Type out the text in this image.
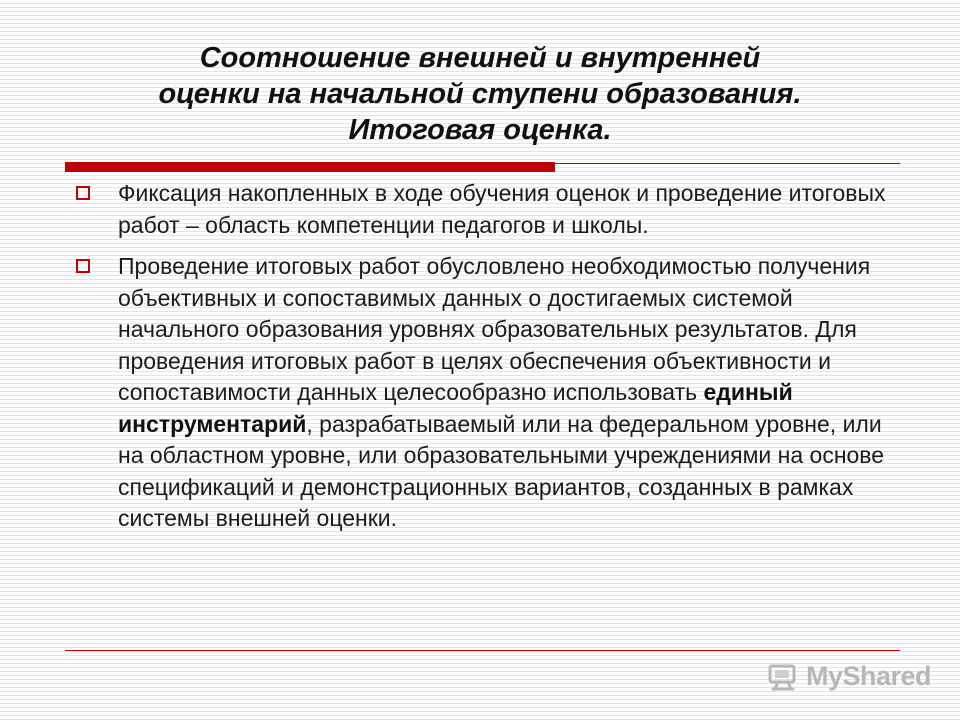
Соотношение внешней и внутренней
оценки на начальной ступени образования.
Итоговая оценка.
Фиксация накопленных в ходе обучения оценок и проведение итоговых работ – область компетенции педагогов и школы.
Проведение итоговых работ обусловлено необходимостью получения объективных и сопоставимых данных о достигаемых системой начального образования уровнях образовательных результатов. Для проведения итоговых работ в целях обеспечения объективности и сопоставимости данных целесообразно использовать единый инструментарий, разрабатываемый или на федеральном уровне, или на областном уровне, или образовательными учреждениями на основе спецификаций и демонстрационных вариантов, созданных в рамках системы внешней оценки.
MyShared
